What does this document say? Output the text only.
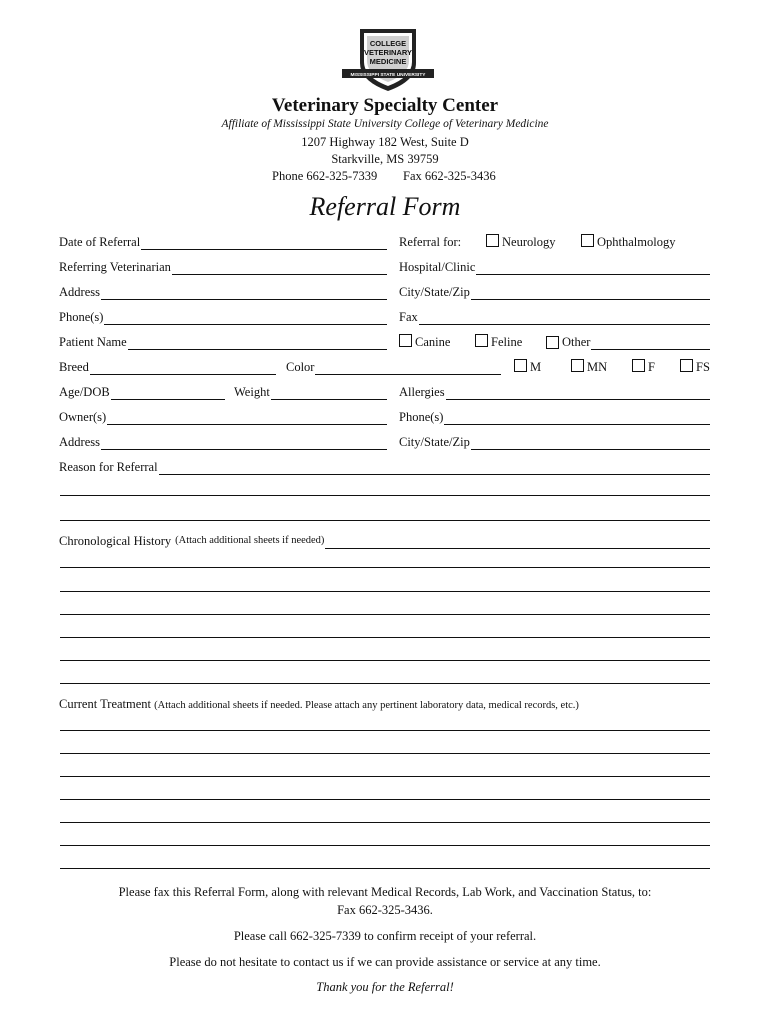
COLLEGE
VETERINARY
MEDICINE
MISSISSIPPI STATE UNIVERSITY
Veterinary Specialty Center
Affiliate of Mississippi State University College of Veterinary Medicine
1207 Highway 182 West, Suite D
Starkville, MS 39759
Phone 662-325-7339 Fax 662-325-3436
Referral Form
Date of Referral	Referral for:	Neurology	Ophthalmology
Referring Veterinarian	Hospital/Clinic
Address	City/State/Zip
Phone(s)	Fax
Patient Name	Canine	Feline	Other
Breed	Color	M	MN	F	FS
Age/DOB	Weight	Allergies
Owner(s)	Phone(s)
Address	City/State/Zip
Reason for Referral
Chronological History (Attach additional sheets if needed)
Current Treatment (Attach additional sheets if needed. Please attach any pertinent laboratory data, medical records, etc.)
Please fax this Referral Form, along with relevant Medical Records, Lab Work, and Vaccination Status, to:
Fax 662-325-3436.
Please call 662-325-7339 to confirm receipt of your referral.
Please do not hesitate to contact us if we can provide assistance or service at any time.
Thank you for the Referral!
